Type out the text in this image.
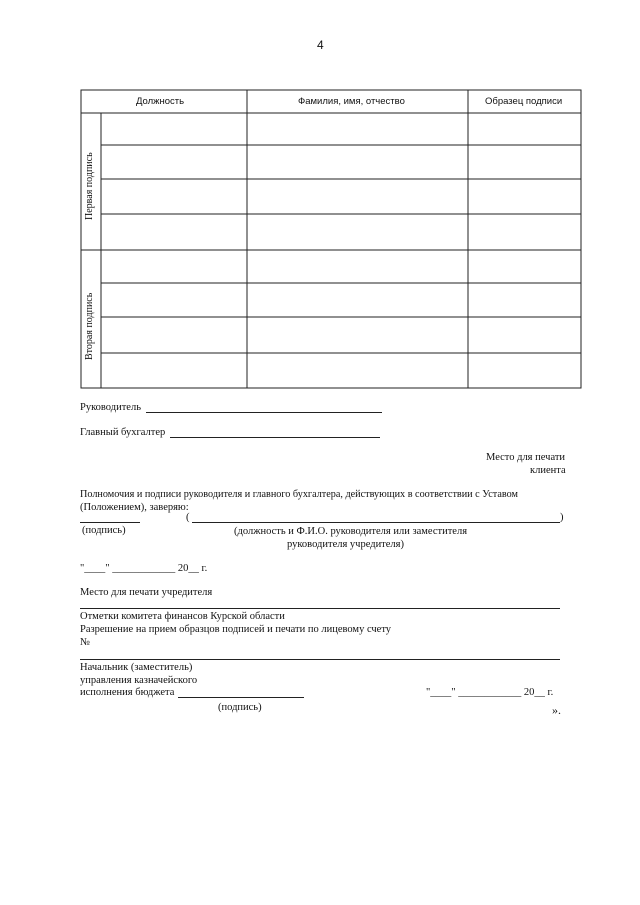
4
Должность	Фамилия, имя, отчество	Образец подписи
Первая подпись
Вторая подпись
Руководитель
Главный бухгалтер
Место для печати
клиента
Полномочия и подписи руководителя и главного бухгалтера, действующих в соответствии с Уставом
(Положением), заверяю:
(	)
(подпись)	(должность и Ф.И.О. руководителя или заместителя
руководителя учредителя)
"____" ____________ 20__ г.
Место для печати учредителя
Отметки комитета финансов Курской области
Разрешение на прием образцов подписей и печати по лицевому счету
№
Начальник (заместитель)
управления казначейского
исполнения бюджета	"____" ____________ 20__ г.
(подпись)	».
